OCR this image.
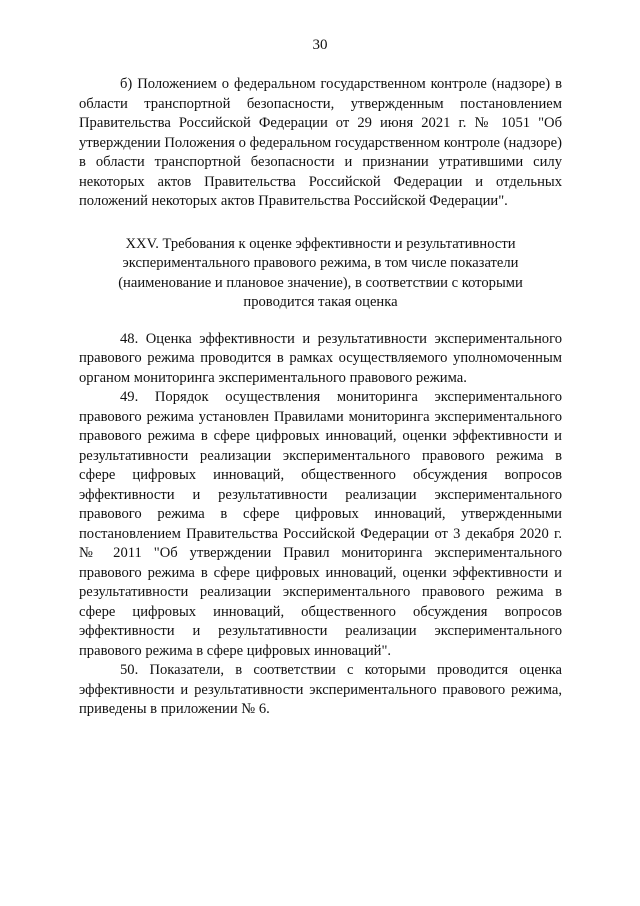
30

б) Положением о федеральном государственном контроле (надзоре) в области транспортной безопасности, утвержденным постановлением Правительства Российской Федерации от 29 июня 2021 г. № 1051 "Об утверждении Положения о федеральном государственном контроле (надзоре) в области транспортной безопасности и признании утратившими силу некоторых актов Правительства Российской Федерации и отдельных положений некоторых актов Правительства Российской Федерации".

XXV. Требования к оценке эффективности и результативности
экспериментального правового режима, в том числе показатели
(наименование и плановое значение), в соответствии с которыми
проводится такая оценка

48. Оценка эффективности и результативности экспериментального правового режима проводится в рамках осуществляемого уполномоченным органом мониторинга экспериментального правового режима.

49. Порядок осуществления мониторинга экспериментального правового режима установлен Правилами мониторинга экспериментального правового режима в сфере цифровых инноваций, оценки эффективности и результативности реализации экспериментального правового режима в сфере цифровых инноваций, общественного обсуждения вопросов эффективности и результативности реализации экспериментального правового режима в сфере цифровых инноваций, утвержденными постановлением Правительства Российской Федерации от 3 декабря 2020 г. № 2011 "Об утверждении Правил мониторинга экспериментального правового режима в сфере цифровых инноваций, оценки эффективности и результативности реализации экспериментального правового режима в сфере цифровых инноваций, общественного обсуждения вопросов эффективности и результативности реализации экспериментального правового режима в сфере цифровых инноваций".

50. Показатели, в соответствии с которыми проводится оценка эффективности и результативности экспериментального правового режима, приведены в приложении № 6.
